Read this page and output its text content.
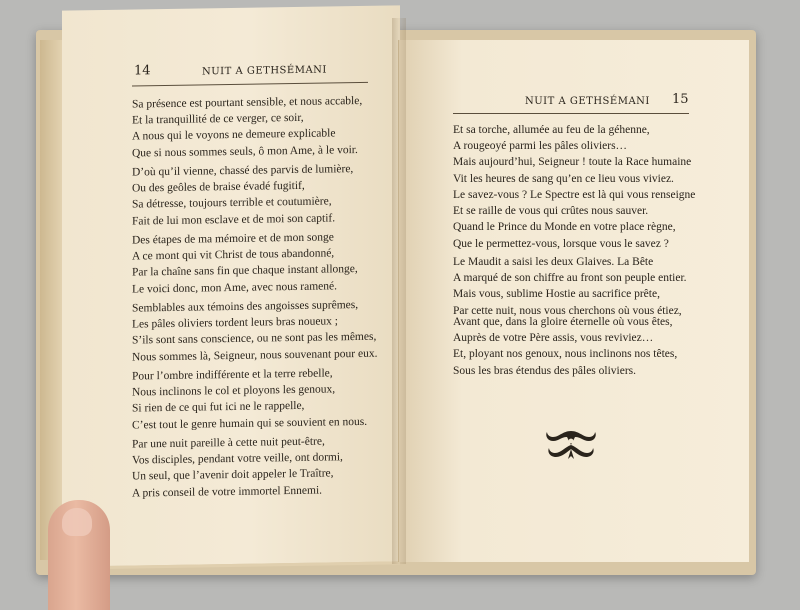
14	NUIT A GETHSÉMANI
Sa présence est pourtant sensible, et nous accable,
Et la tranquillité de ce verger, ce soir,
A nous qui le voyons ne demeure explicable
Que si nous sommes seuls, ô mon Ame, à le voir.
D’où qu’il vienne, chassé des parvis de lumière,
Ou des geôles de braise évadé fugitif,
Sa détresse, toujours terrible et coutumière,
Fait de lui mon esclave et de moi son captif.
Des étapes de ma mémoire et de mon songe
A ce mont qui vit Christ de tous abandonné,
Par la chaîne sans fin que chaque instant allonge,
Le voici donc, mon Ame, avec nous ramené.
Semblables aux témoins des angoisses suprêmes,
Les pâles oliviers tordent leurs bras noueux ;
S’ils sont sans conscience, ou ne sont pas les mêmes,
Nous sommes là, Seigneur, nous souvenant pour eux.
Pour l’ombre indifférente et la terre rebelle,
Nous inclinons le col et ployons les genoux,
Si rien de ce qui fut ici ne le rappelle,
C’est tout le genre humain qui se souvient en nous.
Par une nuit pareille à cette nuit peut-être,
Vos disciples, pendant votre veille, ont dormi,
Un seul, que l’avenir doit appeler le Traître,
A pris conseil de votre immortel Ennemi.
NUIT A GETHSÉMANI 15
Et sa torche, allumée au feu de la géhenne,
A rougeoyé parmi les pâles oliviers…
Mais aujourd’hui, Seigneur ! toute la Race humaine
Vit les heures de sang qu’en ce lieu vous viviez.
Le savez-vous ? Le Spectre est là qui vous renseigne
Et se raille de vous qui crûtes nous sauver.
Quand le Prince du Monde en votre place règne,
Que le permettez-vous, lorsque vous le savez ?
Le Maudit a saisi les deux Glaives. La Bête
A marqué de son chiffre au front son peuple entier.
Mais vous, sublime Hostie au sacrifice prête,
Par cette nuit, nous vous cherchons où vous étiez,
Avant que, dans la gloire éternelle où vous êtes,
Auprès de votre Père assis, vous reviviez…
Et, ployant nos genoux, nous inclinons nos têtes,
Sous les bras étendus des pâles oliviers.
